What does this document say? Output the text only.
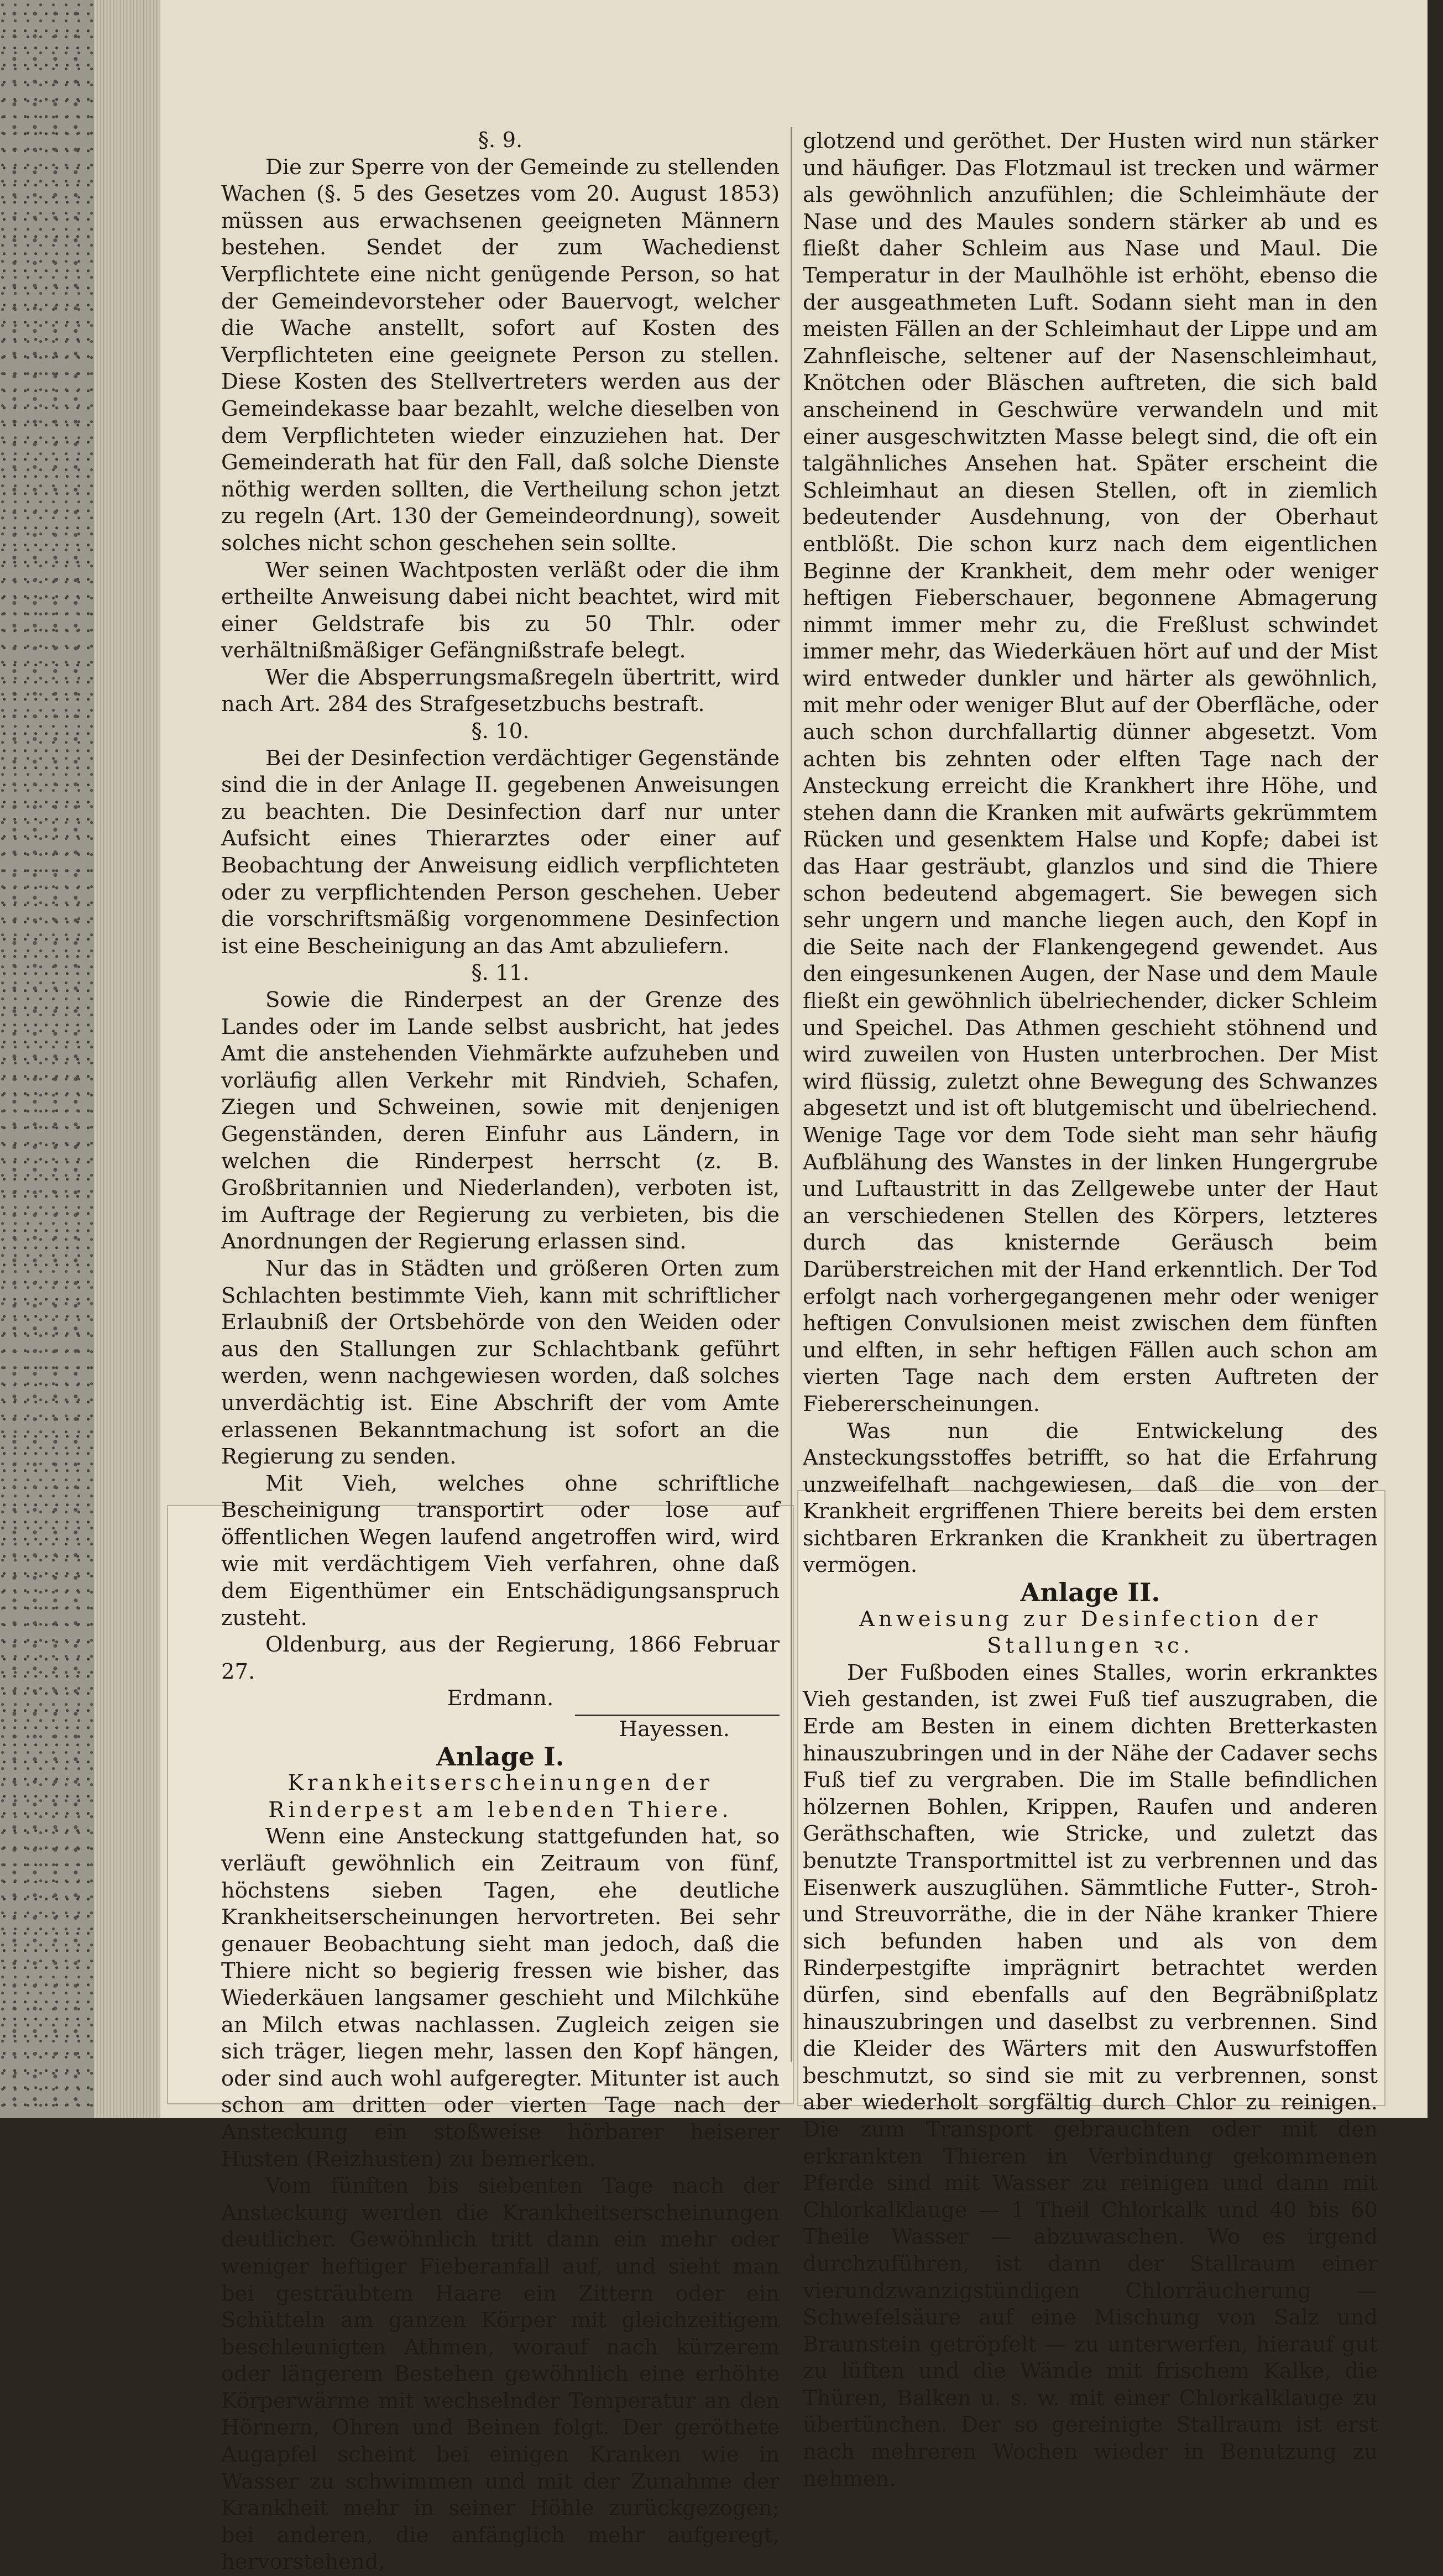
§. 9.

Die zur Sperre von der Gemeinde zu stellenden Wachen (§. 5 des Gesetzes vom 20. August 1853) müssen aus erwachsenen geeigneten Männern bestehen. Sendet der zum Wachedienst Verpflichtete eine nicht genügende Person, so hat der Gemeindevorsteher oder Bauervogt, welcher die Wache anstellt, sofort auf Kosten des Verpflichteten eine geeignete Person zu stellen. Diese Kosten des Stellvertreters werden aus der Gemeindekasse baar bezahlt, welche dieselben von dem Verpflichteten wieder einzuziehen hat. Der Gemeinderath hat für den Fall, daß solche Dienste nöthig werden sollten, die Vertheilung schon jetzt zu regeln (Art. 130 der Gemeindeordnung), soweit solches nicht schon geschehen sein sollte.

Wer seinen Wachtposten verläßt oder die ihm ertheilte Anweisung dabei nicht beachtet, wird mit einer Geldstrafe bis zu 50 Thlr. oder verhältnißmäßiger Gefängnißstrafe belegt.

Wer die Absperrungsmaßregeln übertritt, wird nach Art. 284 des Strafgesetzbuchs bestraft.

§. 10.

Bei der Desinfection verdächtiger Gegenstände sind die in der Anlage II. gegebenen Anweisungen zu beachten. Die Desinfection darf nur unter Aufsicht eines Thierarztes oder einer auf Beobachtung der Anweisung eidlich verpflichteten oder zu verpflichtenden Person geschehen. Ueber die vorschriftsmäßig vorgenommene Desinfection ist eine Bescheinigung an das Amt abzuliefern.

§. 11.

Sowie die Rinderpest an der Grenze des Landes oder im Lande selbst ausbricht, hat jedes Amt die anstehenden Viehmärkte aufzuheben und vorläufig allen Verkehr mit Rindvieh, Schafen, Ziegen und Schweinen, sowie mit denjenigen Gegenständen, deren Einfuhr aus Ländern, in welchen die Rinderpest herrscht (z. B. Großbritannien und Niederlanden), verboten ist, im Auftrage der Regierung zu verbieten, bis die Anordnungen der Regierung erlassen sind.

Nur das in Städten und größeren Orten zum Schlachten bestimmte Vieh, kann mit schriftlicher Erlaubniß der Ortsbehörde von den Weiden oder aus den Stallungen zur Schlachtbank geführt werden, wenn nachgewiesen worden, daß solches unverdächtig ist. Eine Abschrift der vom Amte erlassenen Bekanntmachung ist sofort an die Regierung zu senden.

Mit Vieh, welches ohne schriftliche Bescheinigung transportirt oder lose auf öffentlichen Wegen laufend angetroffen wird, wird wie mit verdächtigem Vieh verfahren, ohne daß dem Eigenthümer ein Entschädigungsanspruch zusteht.

Oldenburg, aus der Regierung, 1866 Februar 27.

Erdmann.

Hayessen.

Anlage I.

Krankheitserscheinungen der Rinderpest am lebenden Thiere.

Wenn eine Ansteckung stattgefunden hat, so verläuft gewöhnlich ein Zeitraum von fünf, höchstens sieben Tagen, ehe deutliche Krankheitserscheinungen hervortreten. Bei sehr genauer Beobachtung sieht man jedoch, daß die Thiere nicht so begierig fressen wie bisher, das Wiederkäuen langsamer geschieht und Milchkühe an Milch etwas nachlassen. Zugleich zeigen sie sich träger, liegen mehr, lassen den Kopf hängen, oder sind auch wohl aufgeregter. Mitunter ist auch schon am dritten oder vierten Tage nach der Ansteckung ein stoßweise hörbarer heiserer Husten (Reizhusten) zu bemerken.

Vom fünften bis siebenten Tage nach der Ansteckung werden die Krankheitserscheinungen deutlicher. Gewöhnlich tritt dann ein mehr oder weniger heftiger Fieberanfall auf, und sieht man bei gesträubtem Haare ein Zittern oder ein Schütteln am ganzen Körper mit gleichzeitigem beschleunigten Athmen, worauf nach kürzerem oder längerem Bestehen gewöhnlich eine erhöhte Körperwärme mit wechselnder Temperatur an den Hörnern, Ohren und Beinen folgt. Der geröthete Augapfel scheint bei einigen Kranken wie in Wasser zu schwimmen und mit der Zunahme der Krankheit mehr in seiner Höhle zurückgezogen; bei anderen, die anfänglich mehr aufgeregt, hervorstehend,

glotzend und geröthet. Der Husten wird nun stärker und häufiger. Das Flotzmaul ist trecken und wärmer als gewöhnlich anzufühlen; die Schleimhäute der Nase und des Maules sondern stärker ab und es fließt daher Schleim aus Nase und Maul. Die Temperatur in der Maulhöhle ist erhöht, ebenso die der ausgeathmeten Luft. Sodann sieht man in den meisten Fällen an der Schleimhaut der Lippe und am Zahnfleische, seltener auf der Nasenschleimhaut, Knötchen oder Bläschen auftreten, die sich bald anscheinend in Geschwüre verwandeln und mit einer ausgeschwitzten Masse belegt sind, die oft ein talgähnliches Ansehen hat. Später erscheint die Schleimhaut an diesen Stellen, oft in ziemlich bedeutender Ausdehnung, von der Oberhaut entblößt. Die schon kurz nach dem eigentlichen Beginne der Krankheit, dem mehr oder weniger heftigen Fieberschauer, begonnene Abmagerung nimmt immer mehr zu, die Freßlust schwindet immer mehr, das Wiederkäuen hört auf und der Mist wird entweder dunkler und härter als gewöhnlich, mit mehr oder weniger Blut auf der Oberfläche, oder auch schon durchfallartig dünner abgesetzt. Vom achten bis zehnten oder elften Tage nach der Ansteckung erreicht die Krankhert ihre Höhe, und stehen dann die Kranken mit aufwärts gekrümmtem Rücken und gesenktem Halse und Kopfe; dabei ist das Haar gesträubt, glanzlos und sind die Thiere schon bedeutend abgemagert. Sie bewegen sich sehr ungern und manche liegen auch, den Kopf in die Seite nach der Flankengegend gewendet. Aus den eingesunkenen Augen, der Nase und dem Maule fließt ein gewöhnlich übelriechender, dicker Schleim und Speichel. Das Athmen geschieht stöhnend und wird zuweilen von Husten unterbrochen. Der Mist wird flüssig, zuletzt ohne Bewegung des Schwanzes abgesetzt und ist oft blutgemischt und übelriechend. Wenige Tage vor dem Tode sieht man sehr häufig Aufblähung des Wanstes in der linken Hungergrube und Luftaustritt in das Zellgewebe unter der Haut an verschiedenen Stellen des Körpers, letzteres durch das knisternde Geräusch beim Darüberstreichen mit der Hand erkenntlich. Der Tod erfolgt nach vorhergegangenen mehr oder weniger heftigen Convulsionen meist zwischen dem fünften und elften, in sehr heftigen Fällen auch schon am vierten Tage nach dem ersten Auftreten der Fiebererscheinungen.

Was nun die Entwickelung des Ansteckungsstoffes betrifft, so hat die Erfahrung unzweifelhaft nachgewiesen, daß die von der Krankheit ergriffenen Thiere bereits bei dem ersten sichtbaren Erkranken die Krankheit zu übertragen vermögen.

Anlage II.

Anweisung zur Desinfection der Stallungen ꝛc.

Der Fußboden eines Stalles, worin erkranktes Vieh gestanden, ist zwei Fuß tief auszugraben, die Erde am Besten in einem dichten Bretterkasten hinauszubringen und in der Nähe der Cadaver sechs Fuß tief zu vergraben. Die im Stalle befindlichen hölzernen Bohlen, Krippen, Raufen und anderen Geräthschaften, wie Stricke, und zuletzt das benutzte Transportmittel ist zu verbrennen und das Eisenwerk auszuglühen. Sämmtliche Futter-, Stroh- und Streuvorräthe, die in der Nähe kranker Thiere sich befunden haben und als von dem Rinderpestgifte imprägnirt betrachtet werden dürfen, sind ebenfalls auf den Begräbnißplatz hinauszubringen und daselbst zu verbrennen. Sind die Kleider des Wärters mit den Auswurfstoffen beschmutzt, so sind sie mit zu verbrennen, sonst aber wiederholt sorgfältig durch Chlor zu reinigen. Die zum Transport gebrauchten oder mit den erkrankten Thieren in Verbindung gekommenen Pferde sind mit Wasser zu reinigen und dann mit Chlorkalklauge — 1 Theil Chlorkalk und 40 bis 60 Theile Wasser — abzuwaschen. Wo es irgend durchzuführen, ist dann der Stallraum einer vierundzwanzigstündigen Chlorräucherung — Schwefelsäure auf eine Mischung von Salz und Braunstein getröpfelt — zu unterwerfen, hierauf gut zu lüften und die Wände mit frischem Kalke, die Thüren, Balken u. s. w. mit einer Chlorkalklauge zu übertünchen. Der so gereinigte Stallraum ist erst nach mehreren Wochen wieder in Benutzung zu nehmen.
